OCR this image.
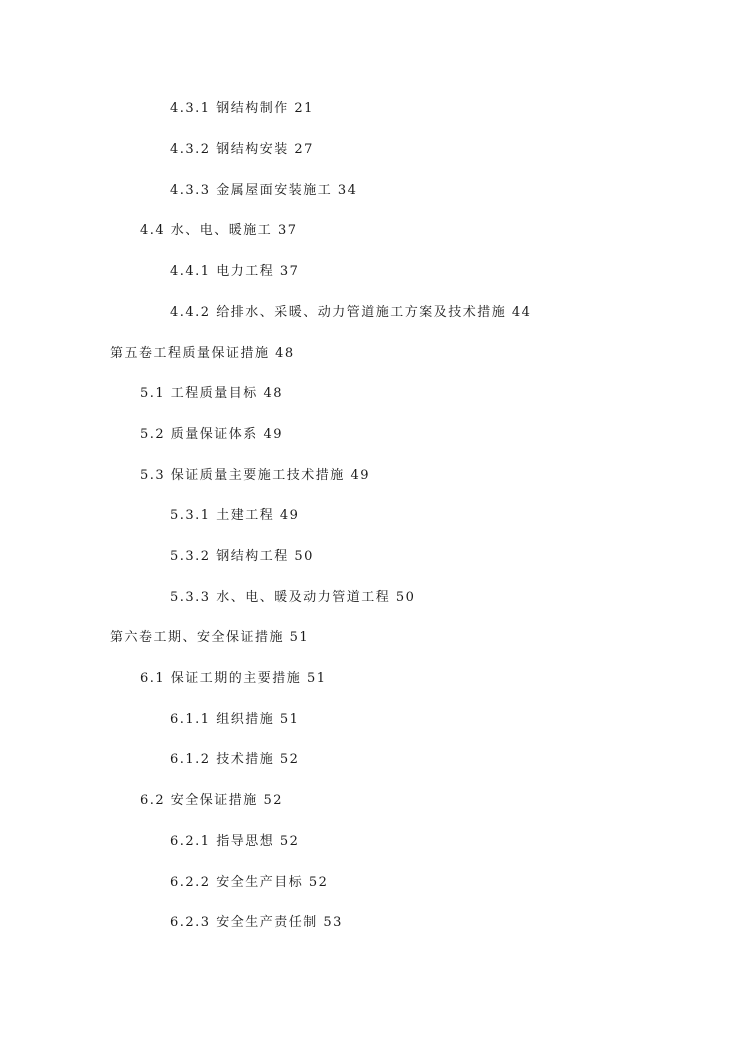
4.3.1 钢结构制作 21
4.3.2 钢结构安装 27
4.3.3 金属屋面安装施工 34
4.4 水、电、暖施工 37
4.4.1 电力工程 37
4.4.2 给排水、采暖、动力管道施工方案及技术措施 44
第五卷工程质量保证措施 48
5.1 工程质量目标 48
5.2 质量保证体系 49
5.3 保证质量主要施工技术措施 49
5.3.1 土建工程 49
5.3.2 钢结构工程 50
5.3.3 水、电、暖及动力管道工程 50
第六卷工期、安全保证措施 51
6.1 保证工期的主要措施 51
6.1.1 组织措施 51
6.1.2 技术措施 52
6.2 安全保证措施 52
6.2.1 指导思想 52
6.2.2 安全生产目标 52
6.2.3 安全生产责任制 53
